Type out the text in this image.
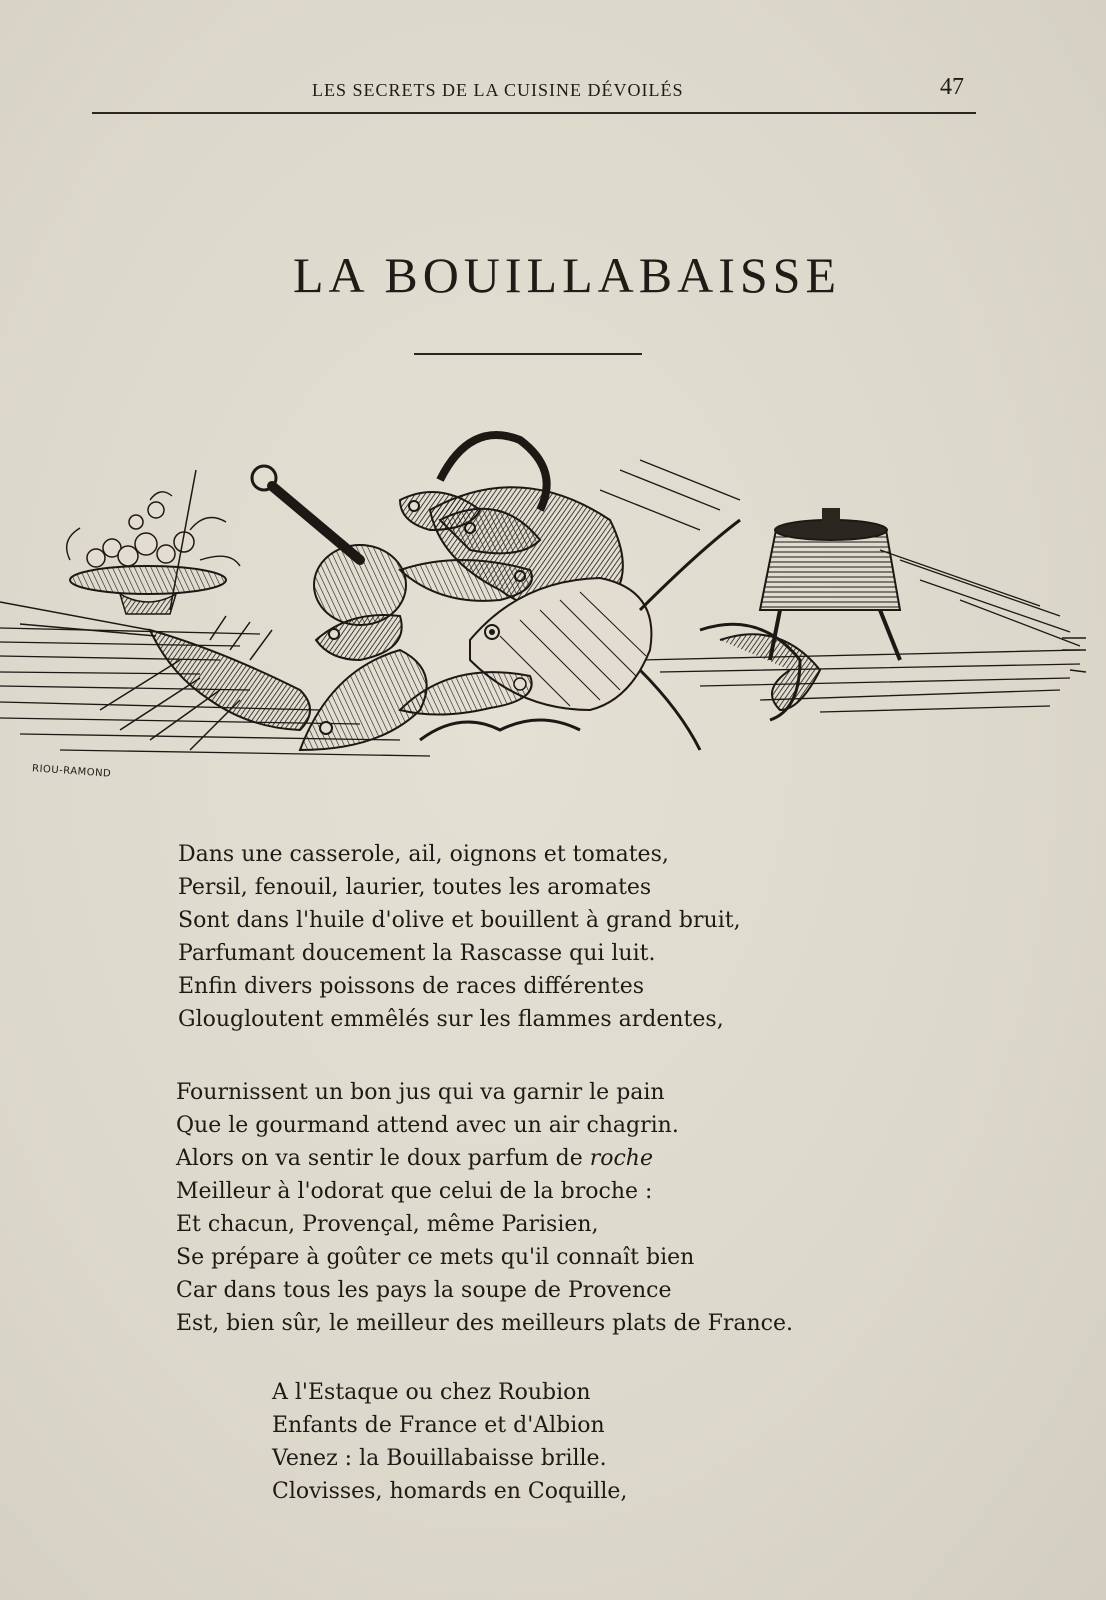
LES SECRETS DE LA CUISINE DÉVOILÉS	47
LA BOUILLABAISSE
RIOU-RAMOND
Dans une casserole, ail, oignons et tomates,
Persil, fenouil, laurier, toutes les aromates
Sont dans l'huile d'olive et bouillent à grand bruit,
Parfumant doucement la Rascasse qui luit.
Enfin divers poissons de races différentes
Glougloutent emmêlés sur les flammes ardentes,
Fournissent un bon jus qui va garnir le pain
Que le gourmand attend avec un air chagrin.
Alors on va sentir le doux parfum de roche
Meilleur à l'odorat que celui de la broche :
Et chacun, Provençal, même Parisien,
Se prépare à goûter ce mets qu'il connaît bien
Car dans tous les pays la soupe de Provence
Est, bien sûr, le meilleur des meilleurs plats de France.
A l'Estaque ou chez Roubion
Enfants de France et d'Albion
Venez : la Bouillabaisse brille.
Clovisses, homards en Coquille,
